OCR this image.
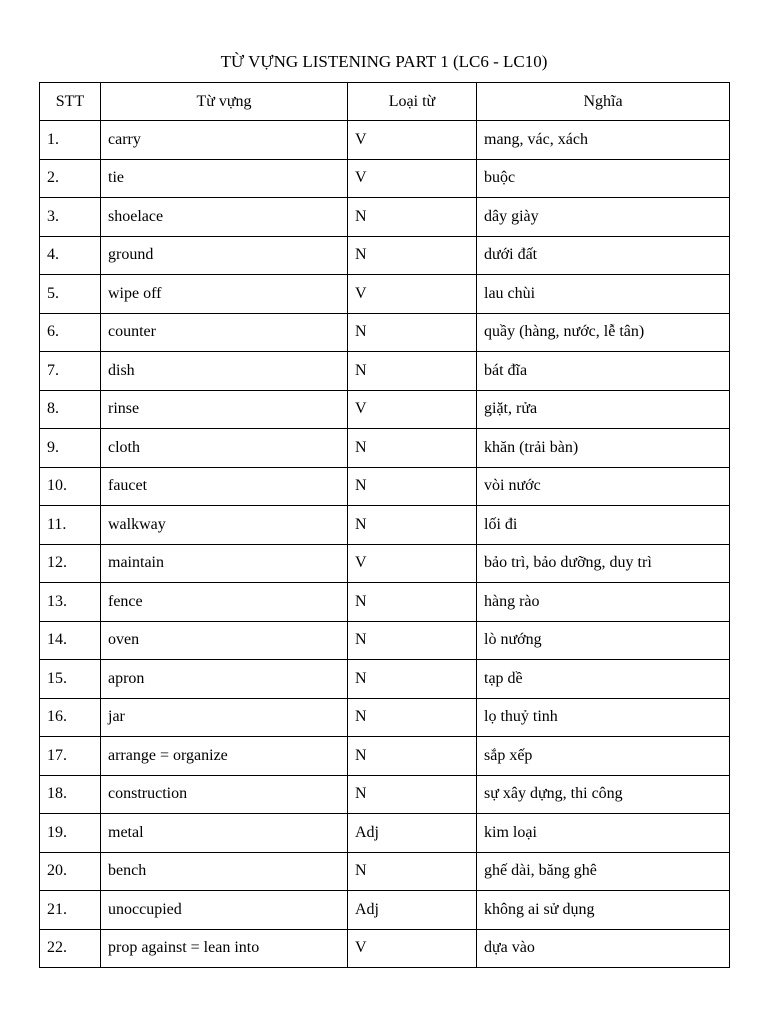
TỪ VỰNG LISTENING PART 1 (LC6 - LC10)
STT	Từ vựng	Loại từ	Nghĩa
1.	carry	V	mang, vác, xách
2.	tie	V	buộc
3.	shoelace	N	dây giày
4.	ground	N	dưới đất
5.	wipe off	V	lau chùi
6.	counter	N	quầy (hàng, nước, lễ tân)
7.	dish	N	bát đĩa
8.	rinse	V	giặt, rửa
9.	cloth	N	khăn (trải bàn)
10.	faucet	N	vòi nước
11.	walkway	N	lối đi
12.	maintain	V	bảo trì, bảo dưỡng, duy trì
13.	fence	N	hàng rào
14.	oven	N	lò nướng
15.	apron	N	tạp dề
16.	jar	N	lọ thuỷ tinh
17.	arrange = organize	N	sắp xếp
18.	construction	N	sự xây dựng, thi công
19.	metal	Adj	kim loại
20.	bench	N	ghế dài, băng ghê
21.	unoccupied	Adj	không ai sử dụng
22.	prop against = lean into	V	dựa vào
